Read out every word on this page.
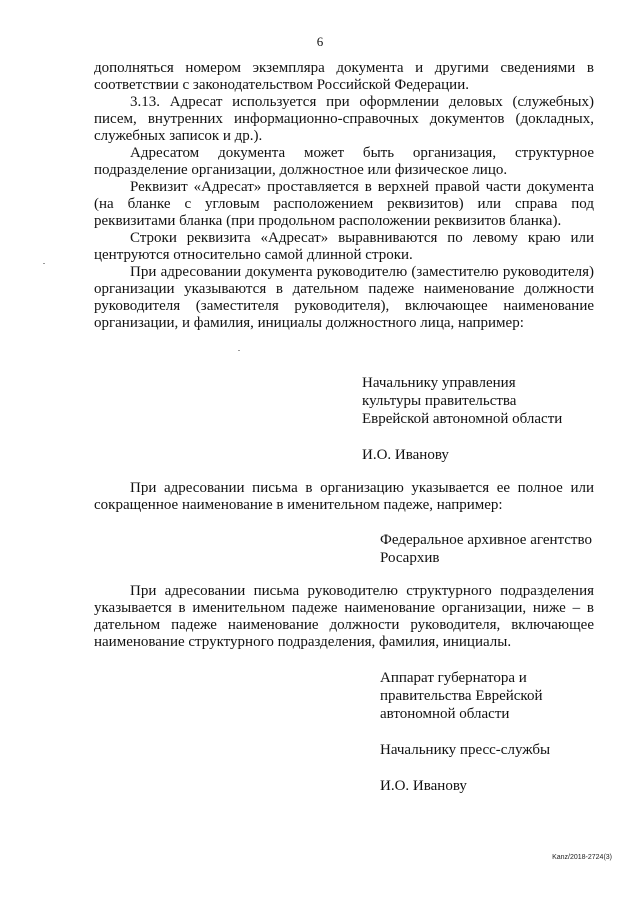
6

дополняться номером экземпляра документа и другими сведениями в соответствии с законодательством Российской Федерации.

3.13. Адресат используется при оформлении деловых (служебных) писем, внутренних информационно-справочных документов (докладных, служебных записок и др.).

Адресатом документа может быть организация, структурное подразделение организации, должностное или физическое лицо.

Реквизит «Адресат» проставляется в верхней правой части документа (на бланке с угловым расположением реквизитов) или справа под реквизитами бланка (при продольном расположении реквизитов бланка).

Строки реквизита «Адресат» выравниваются по левому краю или центруются относительно самой длинной строки.

При адресовании документа руководителю (заместителю руководителя) организации указываются в дательном падеже наименование должности руководителя (заместителя руководителя), включающее наименование организации, и фамилия, инициалы должностного лица, например:

Начальнику управления
культуры правительства
Еврейской автономной области
И.О. Иванову

При адресовании письма в организацию указывается ее полное или сокращенное наименование в именительном падеже, например:

Федеральное архивное агентство
Росархив

При адресовании письма руководителю структурного подразделения указывается в именительном падеже наименование организации, ниже – в дательном падеже наименование должности руководителя, включающее наименование структурного подразделения, фамилия, инициалы.

Аппарат губернатора и
правительства Еврейской
автономной области
Начальнику пресс-службы
И.О. Иванову
Kanz/2018-2724(3)
